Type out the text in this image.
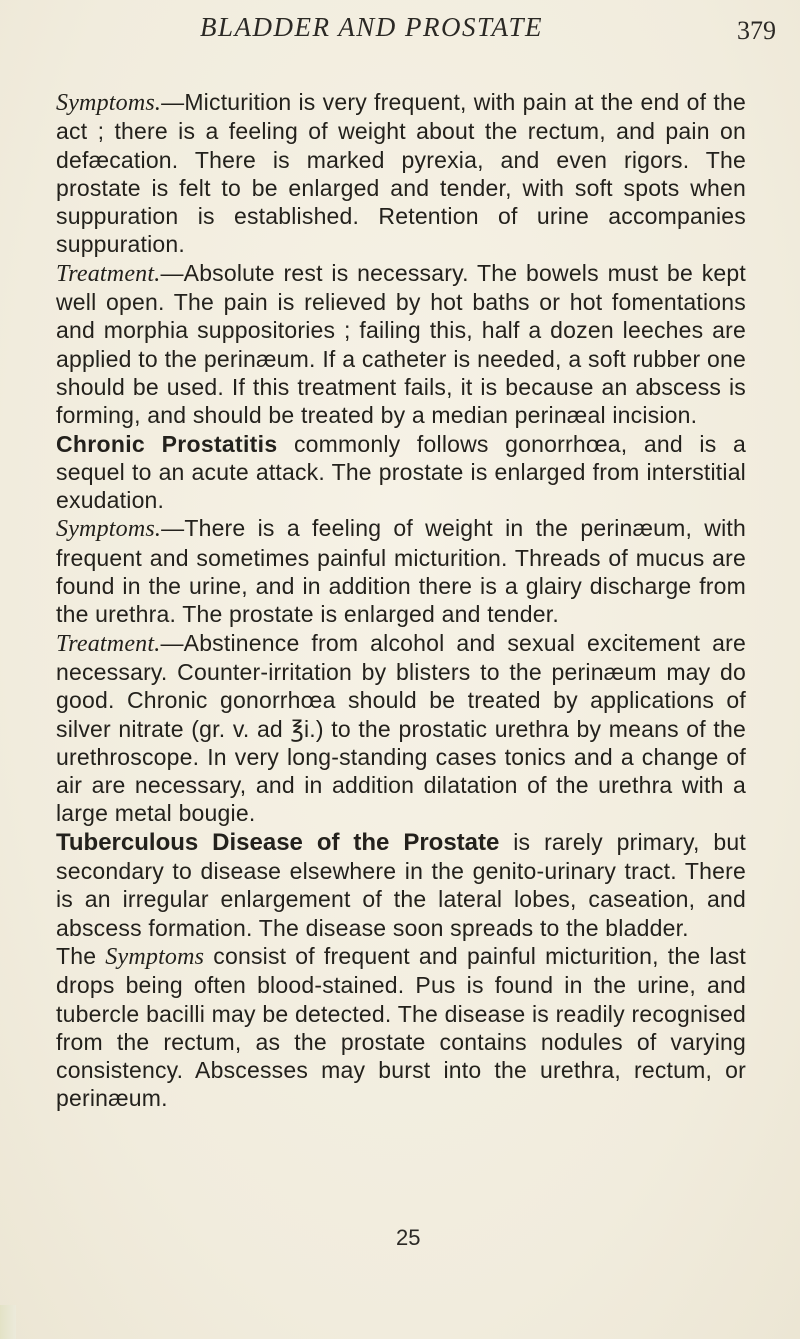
BLADDER AND PROSTATE	379

Symptoms.—Micturition is very frequent, with pain at the end of the act ; there is a feeling of weight about the rectum, and pain on defæcation. There is marked pyrexia, and even rigors. The prostate is felt to be enlarged and tender, with soft spots when suppuration is established. Retention of urine accompanies suppuration.

Treatment.—Absolute rest is necessary. The bowels must be kept well open. The pain is relieved by hot baths or hot fomentations and morphia suppositories ; failing this, half a dozen leeches are applied to the perinæum. If a catheter is needed, a soft rubber one should be used. If this treatment fails, it is because an abscess is forming, and should be treated by a median perinæal incision.

Chronic Prostatitis commonly follows gonorrhœa, and is a sequel to an acute attack. The prostate is enlarged from interstitial exudation.

Symptoms.—There is a feeling of weight in the perinæum, with frequent and sometimes painful micturition. Threads of mucus are found in the urine, and in addition there is a glairy discharge from the urethra. The prostate is enlarged and tender.

Treatment.—Abstinence from alcohol and sexual excitement are necessary. Counter-irritation by blisters to the perinæum may do good. Chronic gonorrhœa should be treated by applications of silver nitrate (gr. v. ad ℥i.) to the prostatic urethra by means of the urethroscope. In very long-standing cases tonics and a change of air are necessary, and in addition dilatation of the urethra with a large metal bougie.

Tuberculous Disease of the Prostate is rarely primary, but secondary to disease elsewhere in the genito-urinary tract. There is an irregular enlargement of the lateral lobes, caseation, and abscess formation. The disease soon spreads to the bladder.

The Symptoms consist of frequent and painful micturition, the last drops being often blood-stained. Pus is found in the urine, and tubercle bacilli may be detected. The disease is readily recognised from the rectum, as the prostate contains nodules of varying consistency. Abscesses may burst into the urethra, rectum, or perinæum.

25
